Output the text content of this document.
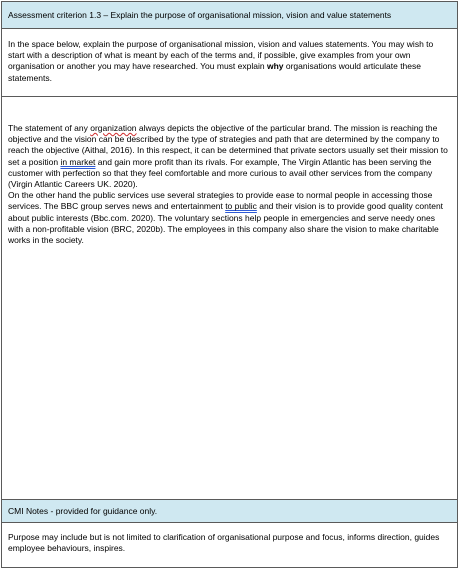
Assessment criterion 1.3 – Explain the purpose of organisational mission, vision and value statements
In the space below, explain the purpose of organisational mission, vision and values statements. You may wish to start with a description of what is meant by each of the terms and, if possible, give examples from your own organisation or another you may have researched. You must explain why organisations would articulate these statements.

The statement of any organization always depicts the objective of the particular brand. The mission is reaching the objective and the vision can be described by the type of strategies and path that are determined by the company to reach the objective (Aithal, 2016). In this respect, it can be determined that private sectors usually set their mission to set a position in market and gain more profit than its rivals. For example, The Virgin Atlantic has been serving the customer with perfection so that they feel comfortable and more curious to avail other services from the company (Virgin Atlantic Careers UK. 2020).

On the other hand the public services use several strategies to provide ease to normal people in accessing those services. The BBC group serves news and entertainment to public and their vision is to provide good quality content about public interests (Bbc.com. 2020). The voluntary sections help people in emergencies and serve needy ones with a non-profitable vision (BRC, 2020b). The employees in this company also share the vision to make charitable works in the society.

CMI Notes - provided for guidance only.
Purpose may include but is not limited to clarification of organisational purpose and focus, informs direction, guides employee behaviours, inspires.
